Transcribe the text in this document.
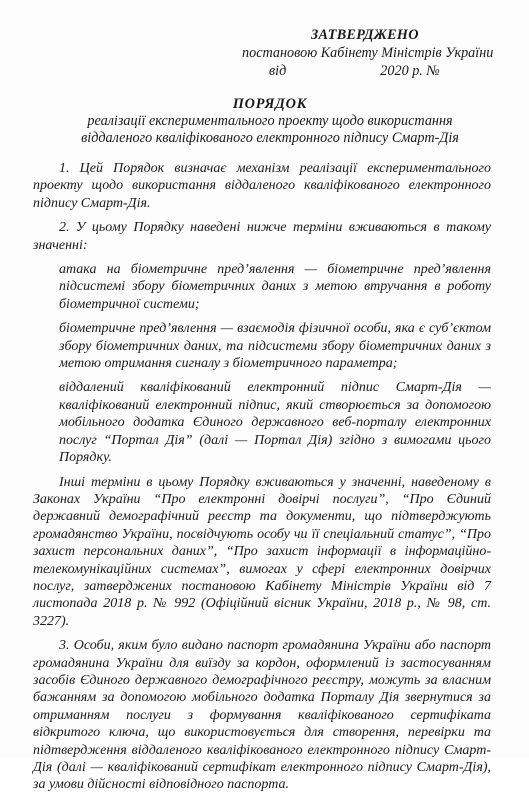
ЗАТВЕРДЖЕНО
постановою Кабінету Міністрів України
від	2020 р. №
ПОРЯДОК
реалізації експериментального проекту щодо використання
віддаленого кваліфікованого електронного підпису Смарт-Дія

1. Цей Порядок визначає механізм реалізації експериментального проекту щодо використання віддаленого кваліфікованого електронного підпису Смарт-Дія.

2. У цьому Порядку наведені нижче терміни вживаються в такому значенні:

атака на біометричне пред’явлення — біометричне пред’явлення підсистемі збору біометричних даних з метою втручання в роботу біометричної системи;

біометричне пред’явлення — взаємодія фізичної особи, яка є суб’єктом збору біометричних даних, та підсистеми збору біометричних даних з метою отримання сигналу з біометричного параметра;

віддалений кваліфікований електронний підпис Смарт-Дія — кваліфікований електронний підпис, який створюється за допомогою мобільного додатка Єдиного державного веб-порталу електронних послуг “Портал Дія” (далі — Портал Дія) згідно з вимогами цього Порядку.

Інші терміни в цьому Порядку вживаються у значенні, наведеному в Законах України “Про електронні довірчі послуги”, “Про Єдиний державний демографічний реєстр та документи, що підтверджують громадянство України, посвідчують особу чи її спеціальний статус”, “Про захист персональних даних”, “Про захист інформації в інформаційно-телекомунікаційних системах”, вимогах у сфері електронних довірчих послуг, затверджених постановою Кабінету Міністрів України від 7 листопада 2018 р. № 992 (Офіційний вісник України, 2018 р., № 98, ст. 3227).

3. Особи, яким було видано паспорт громадянина України або паспорт громадянина України для виїзду за кордон, оформлений із застосуванням засобів Єдиного державного демографічного реєстру, можуть за власним бажанням за допомогою мобільного додатка Порталу Дія звернутися за отриманням послуги з формування кваліфікованого сертифіката відкритого ключа, що використовується для створення, перевірки та підтвердження віддаленого кваліфікованого електронного підпису Смарт-Дія (далі — кваліфікований сертифікат електронного підпису Смарт-Дія), за умови дійсності відповідного паспорта.
